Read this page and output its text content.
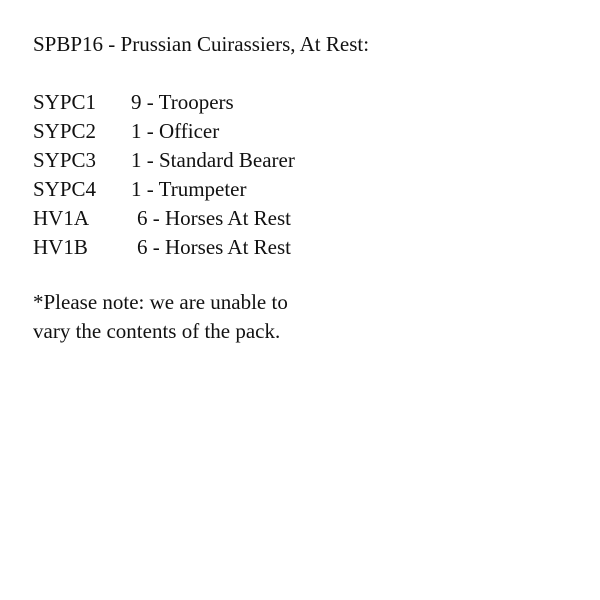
SPBP16 - Prussian Cuirassiers, At Rest:
SYPC1 9 - Troopers
SYPC2 1 - Officer
SYPC3 1 - Standard Bearer
SYPC4 1 - Trumpeter
HV1A 6 - Horses At Rest
HV1B 6 - Horses At Rest
*Please note: we are unable to
vary the contents of the pack.
